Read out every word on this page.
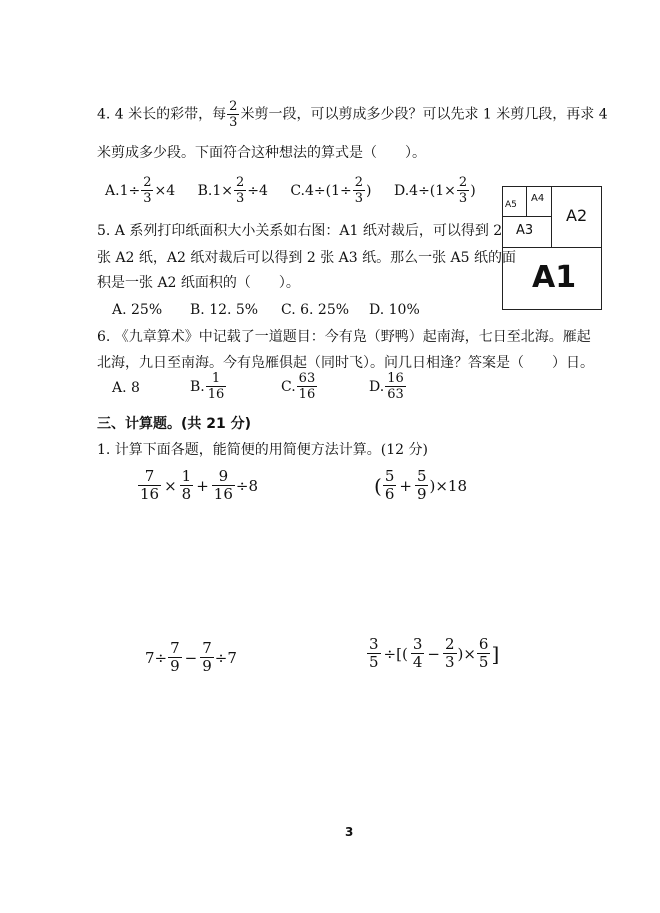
4. 4 米长的彩带，每 $\frac{2}{3}$ 米剪一段，可以剪成多少段？可以先求 1 米剪几段，再求 4
米剪成多少段。下面符合这种想法的算式是（　　）。
A. $1\div \frac{2}{3} \times 4$
B. $1\times \frac{2}{3} \div 4$
C. $4\div(1\div \frac{2}{3}$ )
D. $4\div(1\times \frac{2}{3}$ )
5. A 系列打印纸面积大小关系如右图：A1 纸对裁后，可以得到 2
张 A2 纸，A2 纸对裁后可以得到 2 张 A3 纸。那么一张 A5 纸的面
积是一张 A2 纸面积的（　　）。
A. 25% B. 12. 5% C. 6. 25% D. 10%
A5
A4
A3
A2
A1
6. 《九章算术》中记载了一道题目：今有凫（野鸭）起南海，七日至北海。雁起
北海，九日至南海。今有凫雁俱起（同时飞）。问几日相逢？答案是（　　）日。
A. 8	B. $\frac{1}{16}$	C. $\frac{63}{16}$	D. $\frac{16}{63}$
三、计算题。(共 21 分)
1. 计算下面各题，能简便的用简便方法计算。(12 分)
$\frac{7}{16} \times \frac{1}{8} + \frac{9}{16} \div 8$	( $\frac{5}{6} + \frac{5}{9} )\times 18$
$7\div \frac{7}{9} - \frac{7}{9} \div 7$	$\frac{3}{5}$ ÷[( $\frac{3}{4} - \frac{2}{3}$ )× $\frac{6}{5}$ ]
3
